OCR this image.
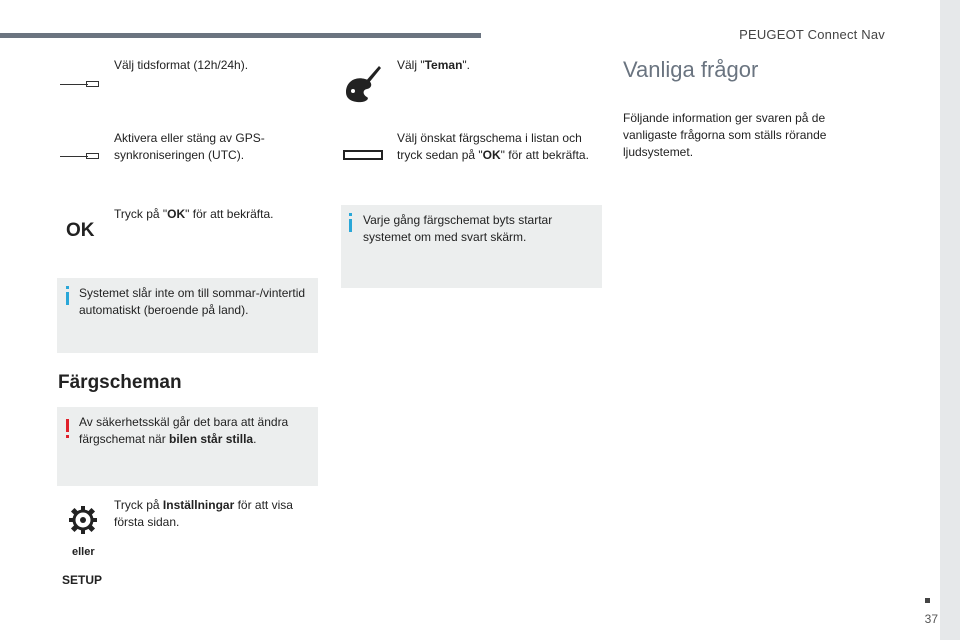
PEUGEOT Connect Nav
37
Välj tidsformat (12h/24h).
Aktivera eller stäng av GPS-synkroniseringen (UTC).
OK
Tryck på "OK" för att bekräfta.
Systemet slår inte om till sommar-/vintertid automatiskt (beroende på land).
Färgscheman
Av säkerhetsskäl går det bara att ändra färgschemat när bilen står stilla.
eller
SETUP
Tryck på Inställningar för att visa första sidan.
Välj "Teman".
Välj önskat färgschema i listan och tryck sedan på "OK" för att bekräfta.
Varje gång färgschemat byts startar systemet om med svart skärm.
Vanliga frågor
Följande information ger svaren på de vanligaste frågorna som ställs rörande ljudsystemet.
